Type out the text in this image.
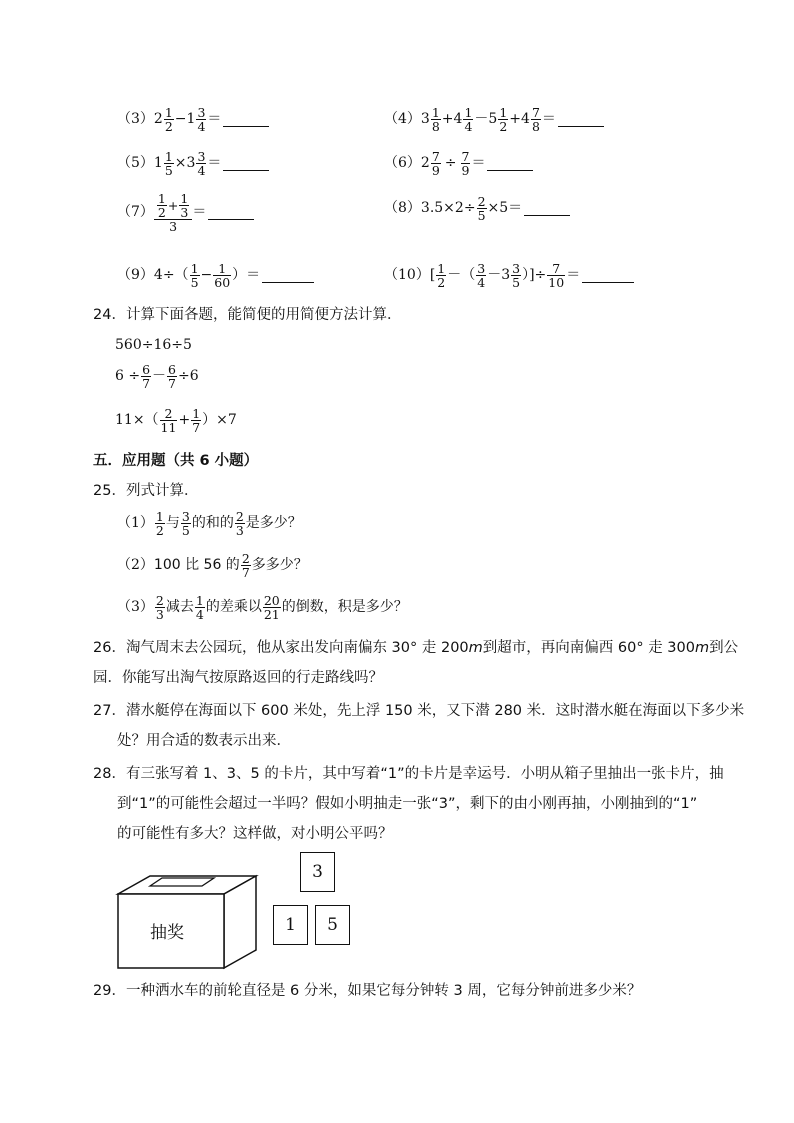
（3） $2 \frac{1}{2} - 1 \frac{3}{4}$ ＝	（4） $3 \frac{1}{8} + 4 \frac{1}{4} - 5 \frac{1}{2} + 4 \frac{7}{8}$ ＝
（5） $1 \frac{1}{5} \times 3 \frac{3}{4}$ ＝	（6） $2 \frac{7}{9} \div \frac{7}{9}$ ＝
$(7) \frac{\frac{1}{2} + \frac{1}{3}}{3}$ ＝	（8） $3.5\times 2\div \frac{2}{5} \times 5=$
（9） $4\div( \frac{1}{5} - \frac{1}{60}$ ）＝	（10） [ $\frac{1}{2}$ －（ $\frac{3}{4} -3 \frac{3}{5}$ ）]÷ $\frac{7}{10}$ ＝
24．计算下面各题，能简便的用简便方法计算．
560÷16÷5
$6 \div \frac{6}{7} - \frac{6}{7} \div 6$
$11\times( \frac{2}{11} + \frac{1}{7} )\times 7$
五．应用题（共 6 小题）
25．列式计算．
$(1) \frac{1}{2}$ 与 $\frac{3}{5}$ 的和的 $\frac{2}{3}$ 是多少？
（2） 100 比 56 的 $\frac{2}{7}$ 多多少？
$(3) \frac{2}{3}$ 减去 $\frac{1}{4}$ 的差乘以 $\frac{20}{21}$ 的倒数，积是多少？
26．淘气周末去公园玩，他从家出发向南偏东 30° 走 200 m 到超市，再向南偏西 60° 走 300 m 到公
园．你能写出淘气按原路返回的行走路线吗？
27．潜水艇停在海面以下 600 米处，先上浮 150 米，又下潜 280 米．这时潜水艇在海面以下多少米
处？用合适的数表示出来．
28．有三张写着 1、3、5 的卡片，其中写着“1”的卡片是幸运号．小明从箱子里抽出一张卡片，抽
到“1”的可能性会超过一半吗？假如小明抽走一张“3”，剩下的由小刚再抽，小刚抽到的“1”
的可能性有多大？这样做，对小明公平吗？
抽奖
3
1	5
29．一种洒水车的前轮直径是 6 分米，如果它每分钟转 3 周，它每分钟前进多少米？
